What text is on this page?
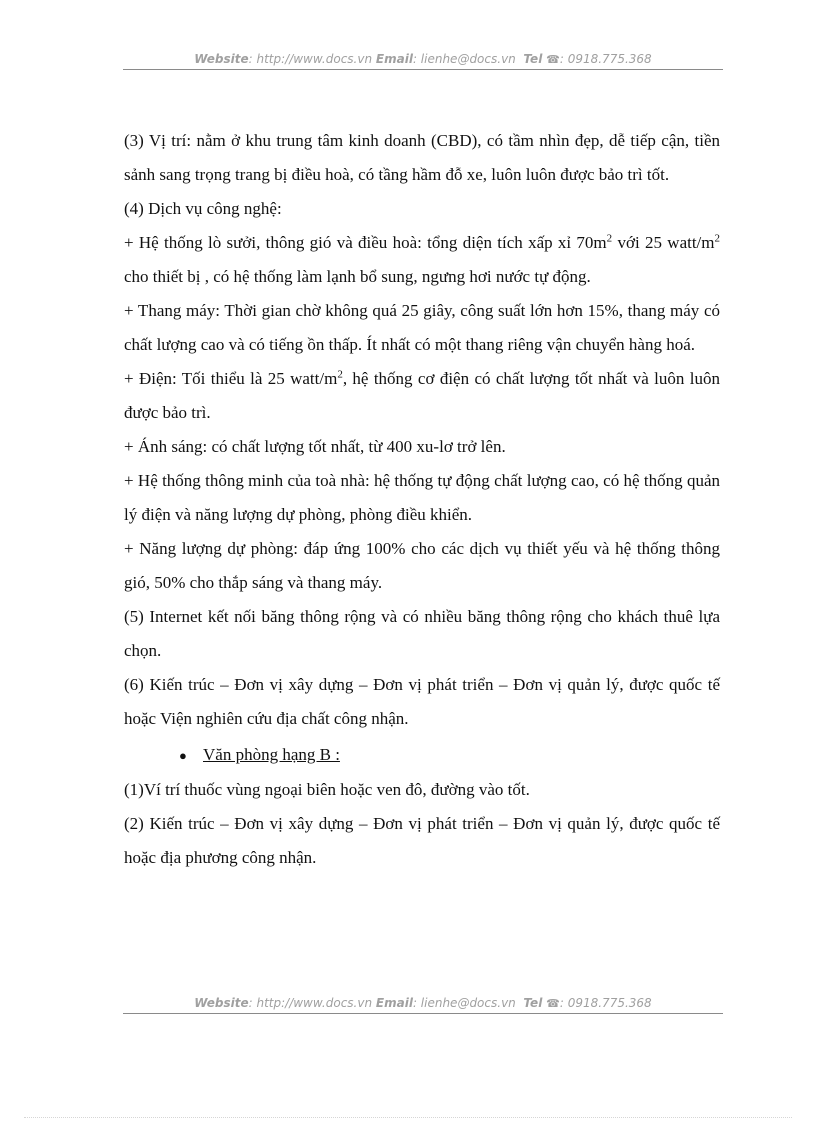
Website: http://www.docs.vn Email: lienhe@docs.vn Tel ☎: 0918.775.368

(3) Vị trí: nằm ở khu trung tâm kinh doanh (CBD), có tầm nhìn đẹp, dễ tiếp cận, tiền sảnh sang trọng trang bị điều hoà, có tầng hầm đỗ xe, luôn luôn được bảo trì tốt.

(4) Dịch vụ công nghệ:

+ Hệ thống lò sưởi, thông gió và điều hoà: tổng diện tích xấp xỉ $70m^2$ với 25 watt/$m^2$ cho thiết bị , có hệ thống làm lạnh bổ sung, ngưng hơi nước tự động.

+ Thang máy: Thời gian chờ không quá 25 giây, công suất lớn hơn 15%, thang máy có chất lượng cao và có tiếng ồn thấp. Ít nhất có một thang riêng vận chuyển hàng hoá.

+ Điện: Tối thiểu là 25 watt/$m^2$, hệ thống cơ điện có chất lượng tốt nhất và luôn luôn được bảo trì.

+ Ánh sáng: có chất lượng tốt nhất, từ 400 xu-lơ trở lên.

+ Hệ thống thông minh của toà nhà: hệ thống tự động chất lượng cao, có hệ thống quản lý điện và năng lượng dự phòng, phòng điều khiển.

+ Năng lượng dự phòng: đáp ứng 100% cho các dịch vụ thiết yếu và hệ thống thông gió, 50% cho thắp sáng và thang máy.

(5) Internet kết nối băng thông rộng và có nhiều băng thông rộng cho khách thuê lựa chọn.

(6) Kiến trúc – Đơn vị xây dựng – Đơn vị phát triển – Đơn vị quản lý, được quốc tế hoặc Viện nghiên cứu địa chất công nhận.

● Văn phòng hạng B :

(1)Ví trí thuốc vùng ngoại biên hoặc ven đô, đường vào tốt.

(2) Kiến trúc – Đơn vị xây dựng – Đơn vị phát triển – Đơn vị quản lý, được quốc tế hoặc địa phương công nhận.

Website: http://www.docs.vn Email: lienhe@docs.vn Tel ☎: 0918.775.368
